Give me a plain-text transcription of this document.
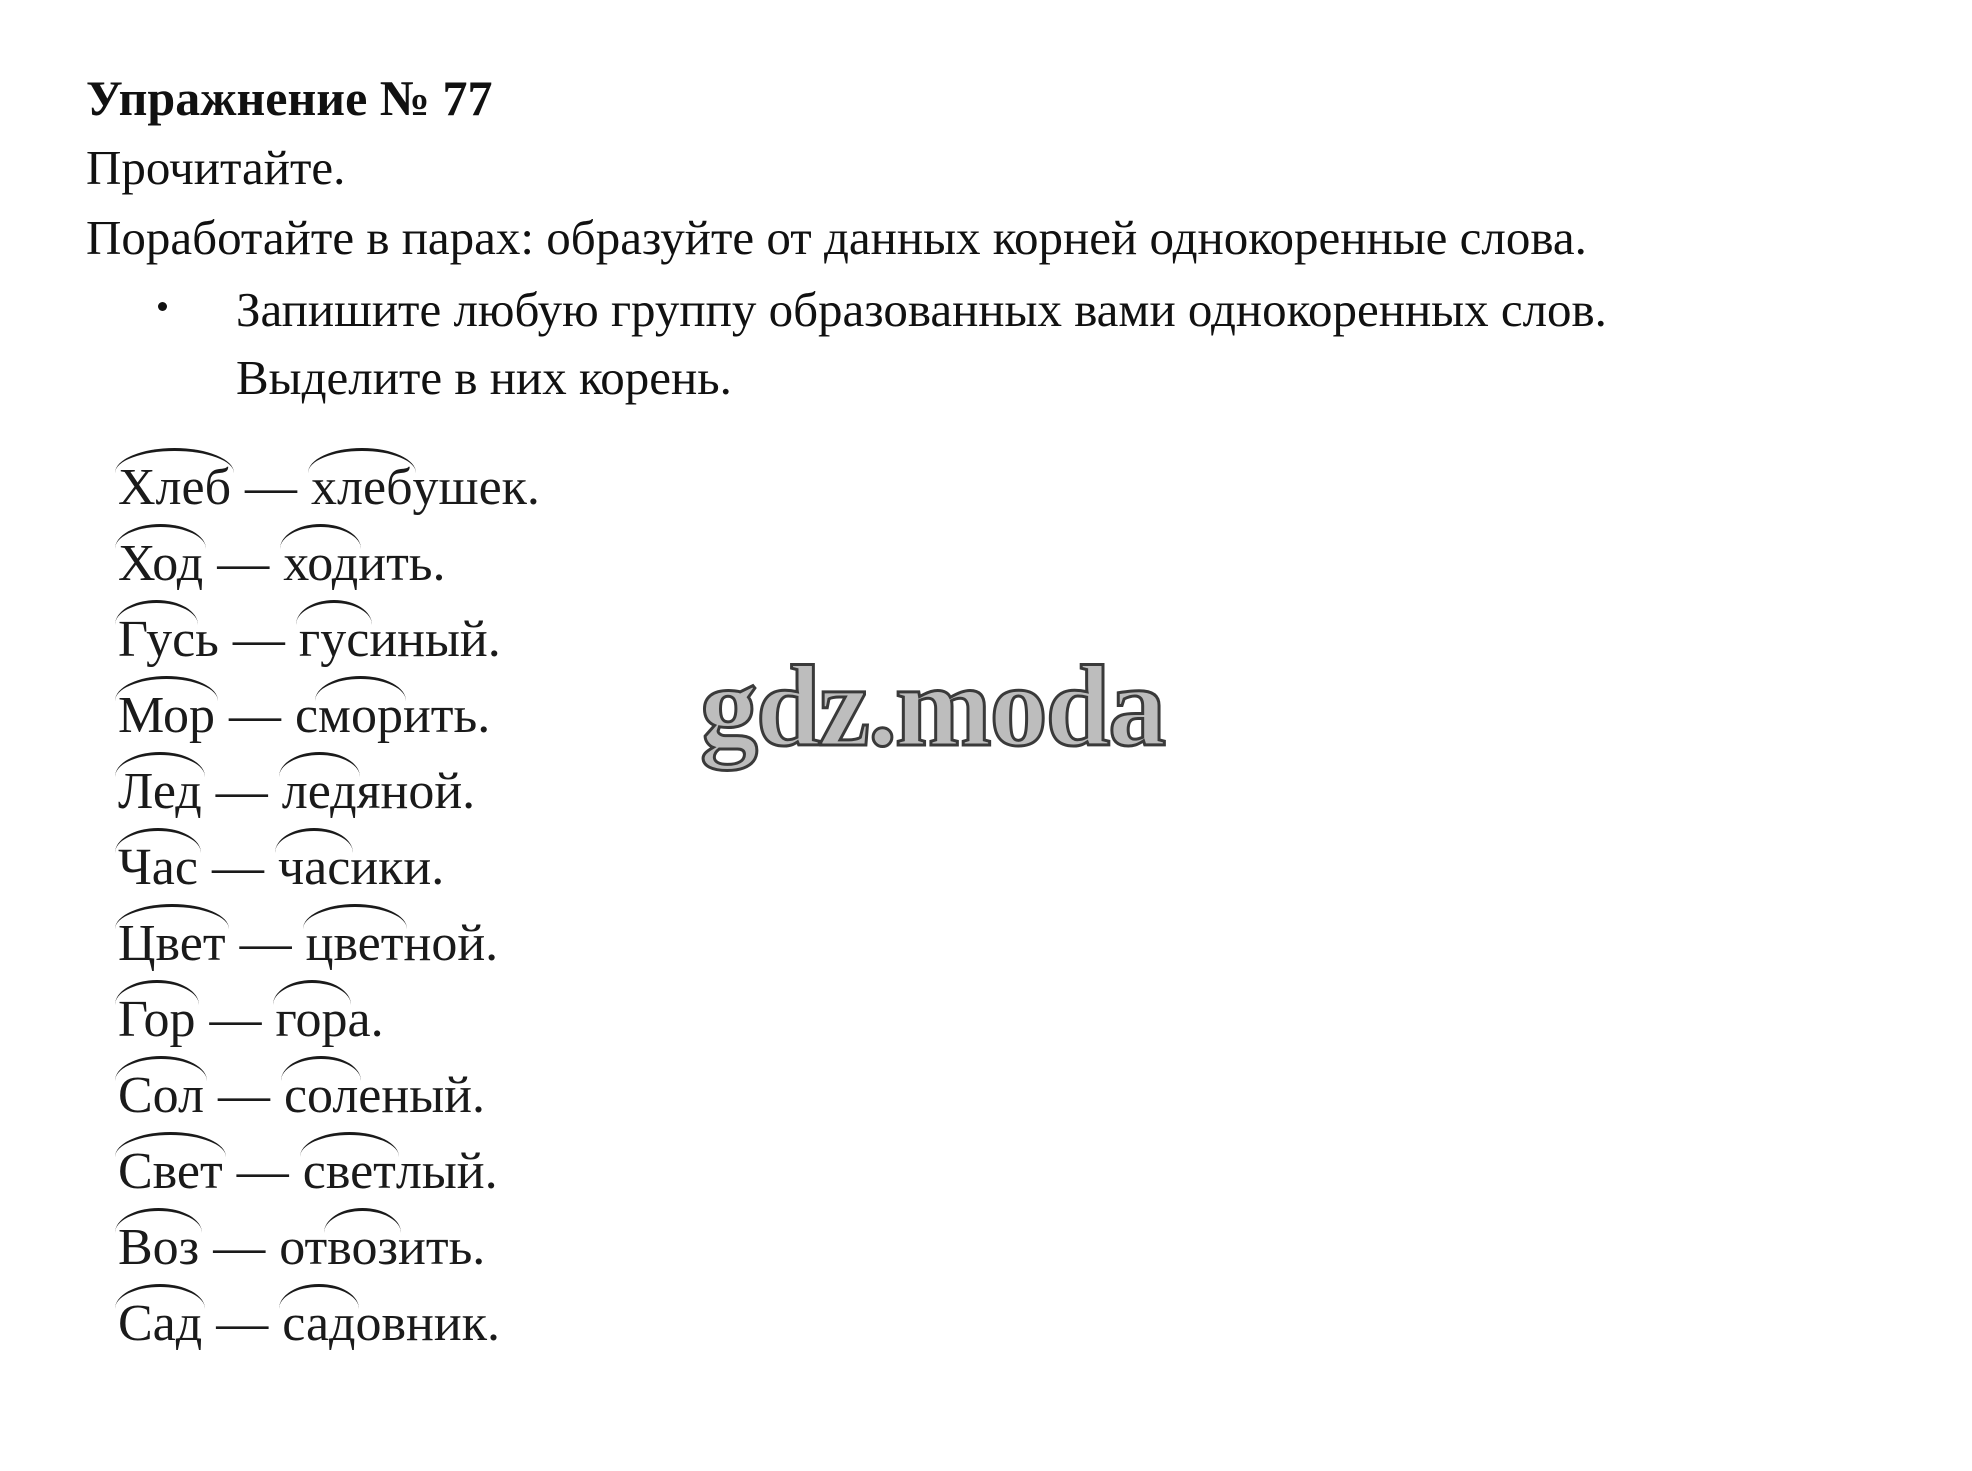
Упражнение № 77
Прочитайте.
Поработайте в парах: образуйте от данных корней однокоренные слова.
Запишите любую группу образованных вами однокоренных слов.
Выделите в них корень.
Хлеб — хлебушек.
Ход — ходить.
Гусь — гусиный.
Мор — сморить.
Лед — ледяной.
Час — часики.
Цвет — цветной.
Гор — гора.
Сол — соленый.
Свет — светлый.
Воз — отвозить.
Сад — садовник.
gdz.moda
